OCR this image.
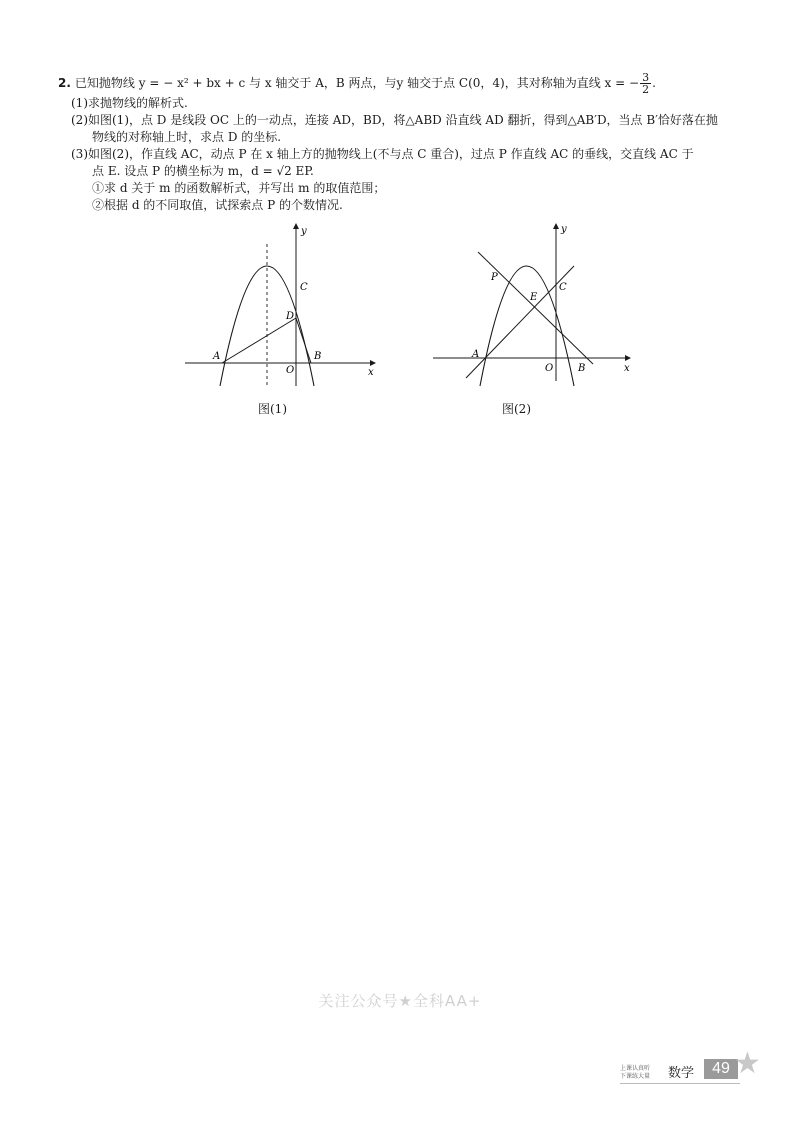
2. 已知抛物线 y = − x² + bx + c 与 x 轴交于 A，B 两点，与y 轴交于点 C(0，4)，其对称轴为直线 x = − $\frac{3}{2}$ .
(1)求抛物线的解析式.
(2)如图(1)，点 D 是线段 OC 上的一动点，连接 AD，BD，将△ABD 沿直线 AD 翻折，得到△AB′D，当点 B′恰好落在抛
物线的对称轴上时，求点 D 的坐标.
(3)如图(2)，作直线 AC，动点 P 在 x 轴上方的抛物线上(不与点 C 重合)，过点 P 作直线 AC 的垂线，交直线 AC 于
点 E. 设点 P 的横坐标为 m，d = √2 EP.
①求 d 关于 m 的函数解析式，并写出 m 的取值范围；
②根据 d 的不同取值，试探索点 P 的个数情况.
y
x
A	B
C
D
O
图(1)
y
x
A
B
C
E
P
O
图(2)
关注公众号★全科AA+
上课认真听
下课练大量 数学	49 ★
